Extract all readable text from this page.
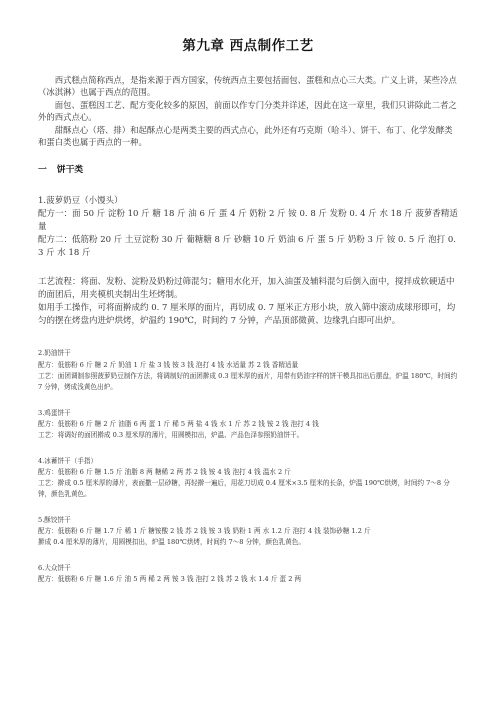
第九章 西点制作工艺

西式糕点简称西点，是指来源于西方国家，传统西点主要包括面包、蛋糕和点心三大类。广义上讲，某些冷点（冰淇淋）也属于西点的范围。

面包、蛋糕因工艺、配方变化较多的原因，前面以作专门分类并详述，因此在这一章里，我们只讲除此二者之外的西式点心。

甜酥点心（塔、排）和起酥点心是两类主要的西式点心，此外还有巧克斯（哈斗）、饼干、布丁、化学发酵类和蛋白类也属于西点的一种。

一 饼干类

1.菠萝奶豆（小馒头）

配方一：面 50 斤 淀粉 10 斤 糖 18 斤 油 6 斤 蛋 4 斤 奶粉 2 斤 铵 0. 8 斤 发粉 0. 4 斤 水 18 斤 菠萝香精适量

配方二：低筋粉 20 斤 土豆淀粉 30 斤 葡糖糖 8 斤 砂糖 10 斤 奶油 6 斤 蛋 5 斤 奶粉 3 斤 铵 0. 5 斤 泡打 0. 3 斤 水 18 斤

工艺流程：将面、发粉、淀粉及奶粉过筛混匀；糖用水化开，加入油蛋及辅料混匀后倒入面中，搅拌成软硬适中的面团后，用夹模机夹制出生坯烤制。

如用手工操作，可将面擀成约 0. 7 厘米厚的面片，再切成 0. 7 厘米正方形小块，放入筛中滚动成球形即可，均匀的摆在烤盘内进炉烘烤，炉温约 190℃，时间约 7 分钟，产品顶部微黄、边缘乳白即可出炉。

2.奶油饼干

配方：低筋粉 6 斤 糖 2 斤 奶油 1 斤 盐 3 钱 铵 3 钱 泡打 4 钱 水适量 苏 2 钱 香精适量

工艺：面团调制参照菠萝奶豆制作方法，将调制好的面团擀成 0.3 厘米厚的面片，用带有奶油字样的饼干模具扣出后摆盘，炉温 180℃，时间约 7 分钟，烤成浅黄色出炉。

3.鸡蛋饼干

配方：低筋粉 6 斤 糖 2 斤 油脂 6 两 蛋 1 斤 稀 5 两 盐 4 钱 水 1 斤 苏 2 钱 铵 2 钱 泡打 4 钱

工艺：将调好的面团擀成 0.3 厘米厚的薄片，用圆模扣出，炉温、产品色泽参照奶油饼干。

4.冰蓄饼干（手指）

配方：低筋粉 6 斤 糖 1.5 斤 油脂 8 两 糖稀 2 两 苏 2 钱 铵 4 钱 泡打 4 钱 温水 2 斤

工艺：擀成 0.5 厘米厚的薄片，表面撒一层砂糖，再轻擀一遍后，用花刀切成 0.4 厘米×3.5 厘米的长条，炉温 190℃烘烤，时间约 7～8 分钟，颜色乳黄色。

5.酥饺饼干

配方：低筋粉 6 斤 糖 1.7 斤 稀 1 斤 糖铵酸 2 钱 苏 2 钱 铵 3 钱 奶粉 1 两 水 1.2 斤 泡打 4 钱 装饰砂糖 1.2 斤

擀成 0.4 厘米厚的薄片，用圆模扣出，炉温 180℃烘烤，时间约 7～8 分钟，颜色乳黄色。

6.大众饼干

配方：低筋粉 6 斤 糖 1.6 斤 油 5 两 稀 2 两 铵 3 钱 泡打 2 钱 苏 2 钱 水 1.4 斤 蛋 2 两
